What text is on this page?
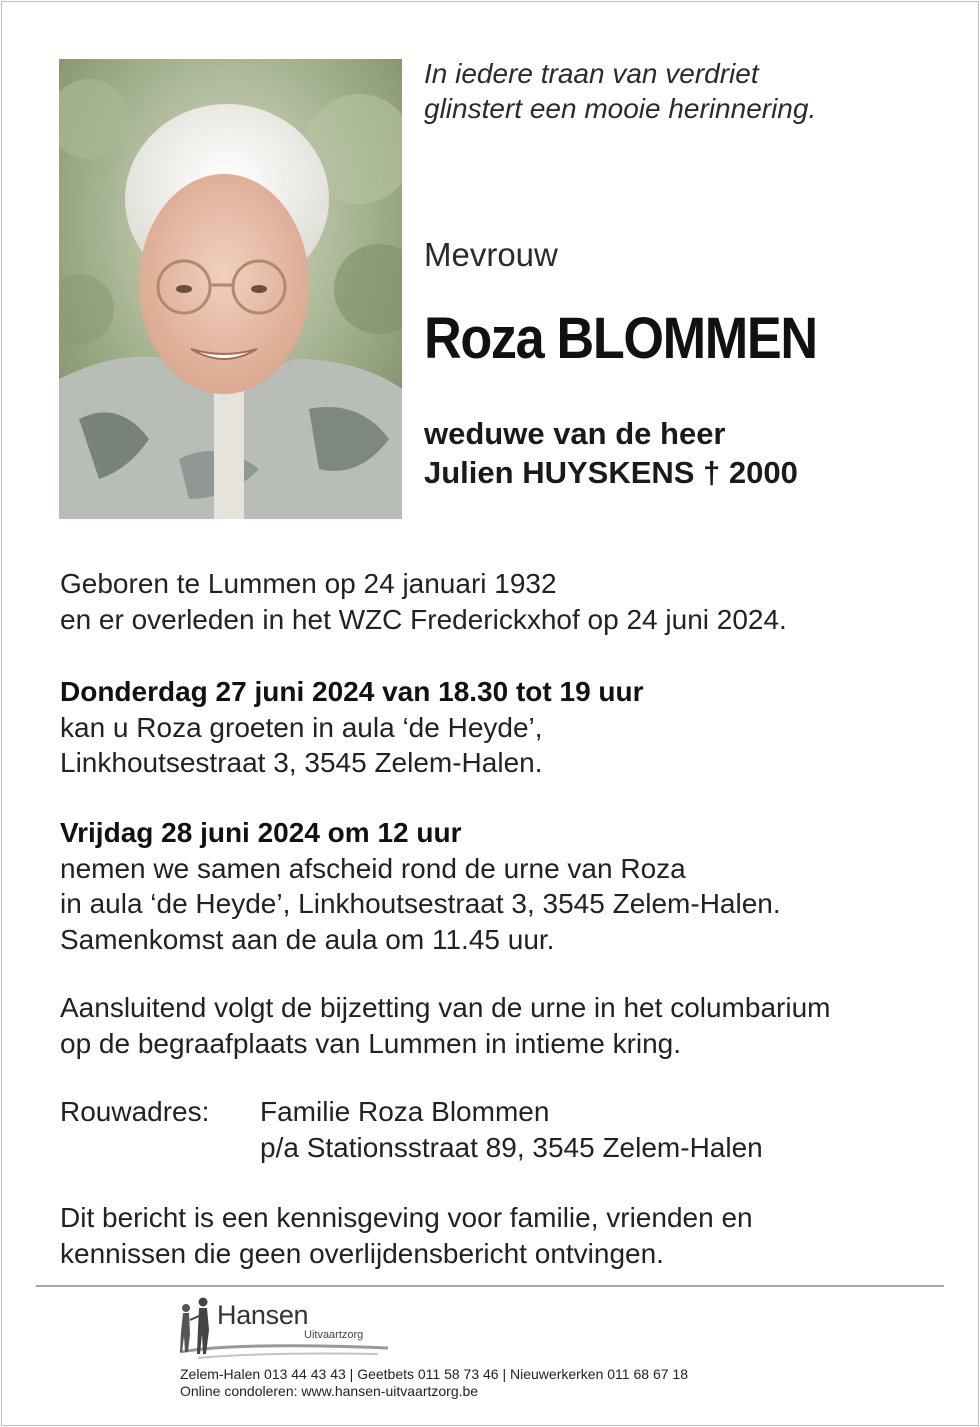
In iedere traan van verdriet
glinstert een mooie herinnering.
Mevrouw
Roza BLOMMEN
weduwe van de heer
Julien HUYSKENS † 2000
Geboren te Lummen op 24 januari 1932
en er overleden in het WZC Frederickxhof op 24 juni 2024.
Donderdag 27 juni 2024 van 18.30 tot 19 uur
kan u Roza groeten in aula ‘de Heyde’,
Linkhoutsestraat 3, 3545 Zelem-Halen.
Vrijdag 28 juni 2024 om 12 uur
nemen we samen afscheid rond de urne van Roza
in aula ‘de Heyde’, Linkhoutsestraat 3, 3545 Zelem-Halen.
Samenkomst aan de aula om 11.45 uur.
Aansluitend volgt de bijzetting van de urne in het columbarium
op de begraafplaats van Lummen in intieme kring.
Rouwadres: Familie Roza Blommen
p/a Stationsstraat 89, 3545 Zelem-Halen
Dit bericht is een kennisgeving voor familie, vrienden en
kennissen die geen overlijdensbericht ontvingen.
Hansen
Uitvaartzorg
Zelem-Halen 013 44 43 43 | Geetbets 011 58 73 46 | Nieuwerkerken 011 68 67 18
Online condoleren: www.hansen-uitvaartzorg.be
